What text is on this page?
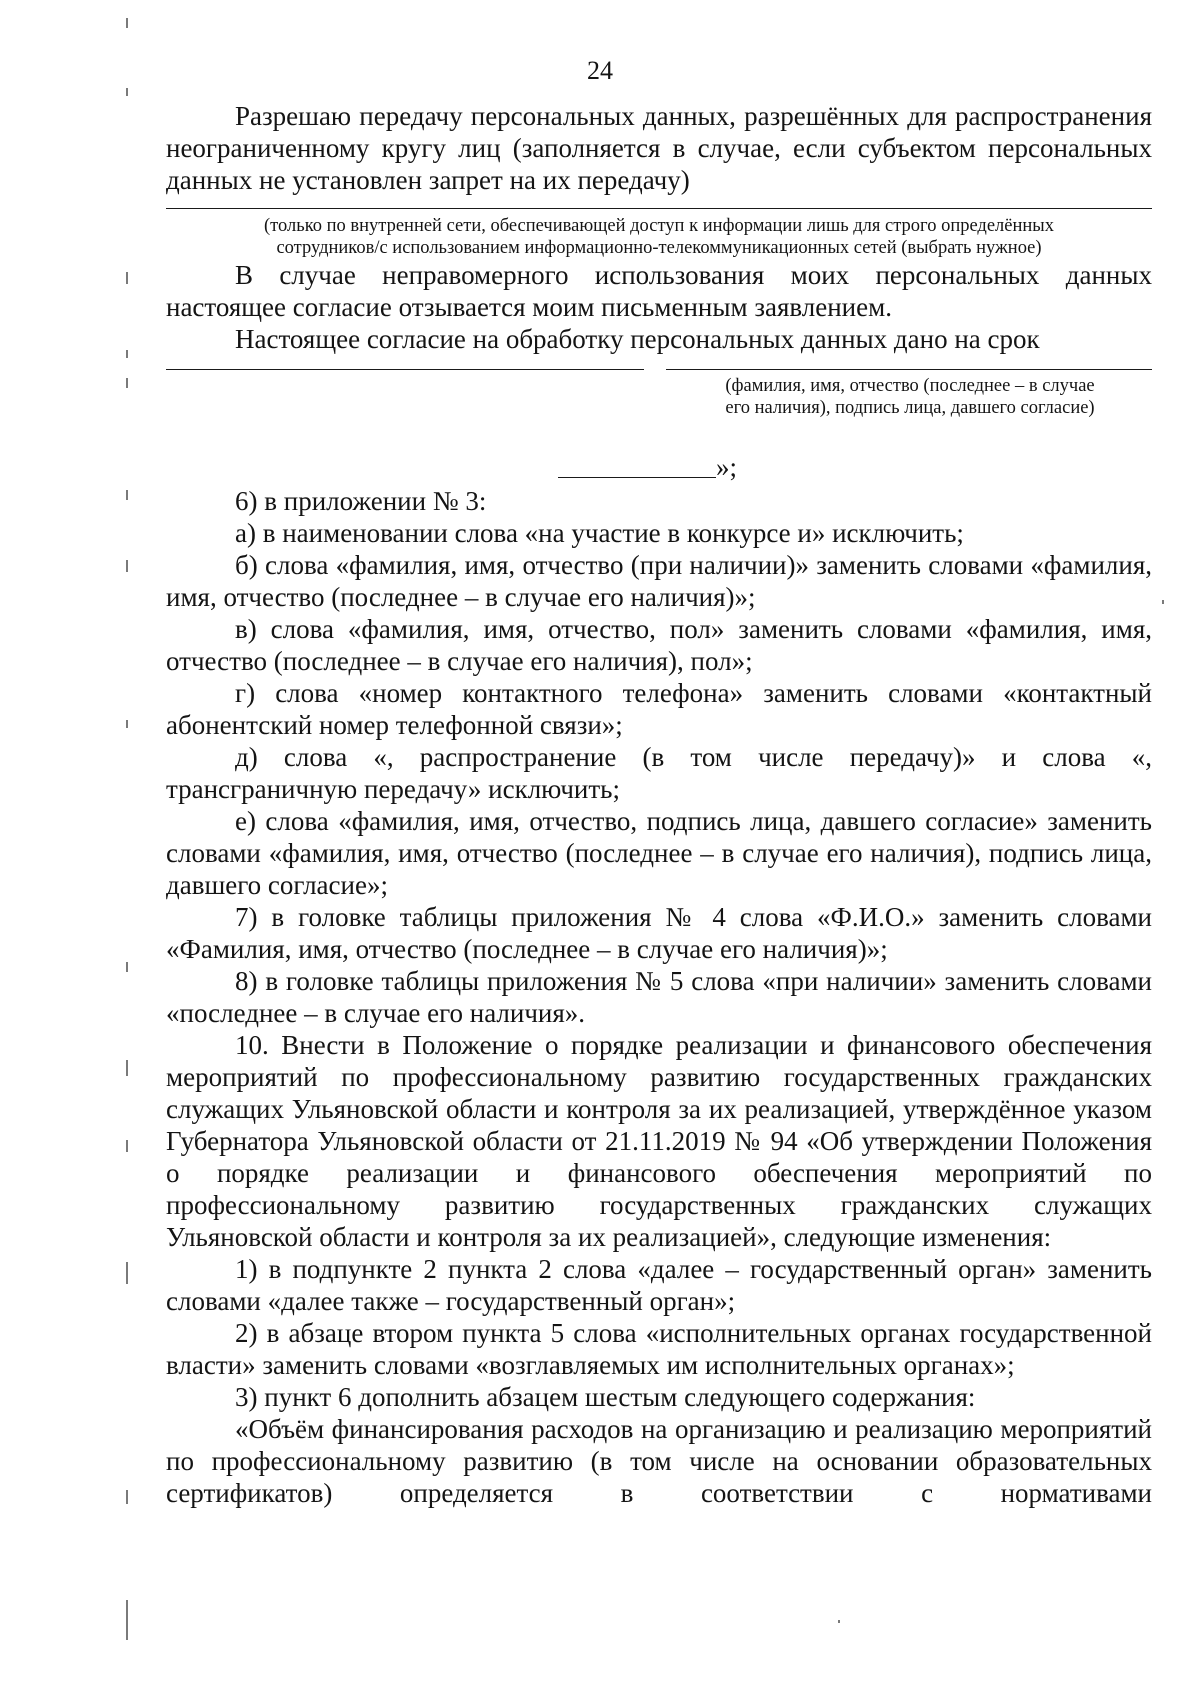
24

Разрешаю передачу персональных данных, разрешённых для распространения неограниченному кругу лиц (заполняется в случае, если субъектом персональных данных не установлен запрет на их передачу)

(только по внутренней сети, обеспечивающей доступ к информации лишь для строго определённых

сотрудников/с использованием информационно-телекоммуникационных сетей (выбрать нужное)

В случае неправомерного использования моих персональных данных настоящее согласие отзывается моим письменным заявлением.

Настоящее согласие на обработку персональных данных дано на срок

(фамилия, имя, отчество (последнее – в случае
его наличия), подпись лица, давшего согласие)
»;

6) в приложении № 3:

а) в наименовании слова «на участие в конкурсе и» исключить;

б) слова «фамилия, имя, отчество (при наличии)» заменить словами «фамилия, имя, отчество (последнее – в случае его наличия)»;

в) слова «фамилия, имя, отчество, пол» заменить словами «фамилия, имя, отчество (последнее – в случае его наличия), пол»;

г) слова «номер контактного телефона» заменить словами «контактный абонентский номер телефонной связи»;

д) слова «, распространение (в том числе передачу)» и слова «, трансграничную передачу» исключить;

е) слова «фамилия, имя, отчество, подпись лица, давшего согласие» заменить словами «фамилия, имя, отчество (последнее – в случае его наличия), подпись лица, давшего согласие»;

7) в головке таблицы приложения № 4 слова «Ф.И.О.» заменить словами «Фамилия, имя, отчество (последнее – в случае его наличия)»;

8) в головке таблицы приложения № 5 слова «при наличии» заменить словами «последнее – в случае его наличия».

10. Внести в Положение о порядке реализации и финансового обеспечения мероприятий по профессиональному развитию государственных гражданских служащих Ульяновской области и контроля за их реализацией, утверждённое указом Губернатора Ульяновской области от 21.11.2019 № 94 «Об утверждении Положения о порядке реализации и финансового обеспечения мероприятий по профессиональному развитию государственных гражданских служащих Ульяновской области и контроля за их реализацией», следующие изменения:

1) в подпункте 2 пункта 2 слова «далее – государственный орган» заменить словами «далее также – государственный орган»;

2) в абзаце втором пункта 5 слова «исполнительных органах государственной власти» заменить словами «возглавляемых им исполнительных органах»;

3) пункт 6 дополнить абзацем шестым следующего содержания:

«Объём финансирования расходов на организацию и реализацию мероприятий по профессиональному развитию (в том числе на основании образовательных сертификатов) определяется в соответствии с нормативами
